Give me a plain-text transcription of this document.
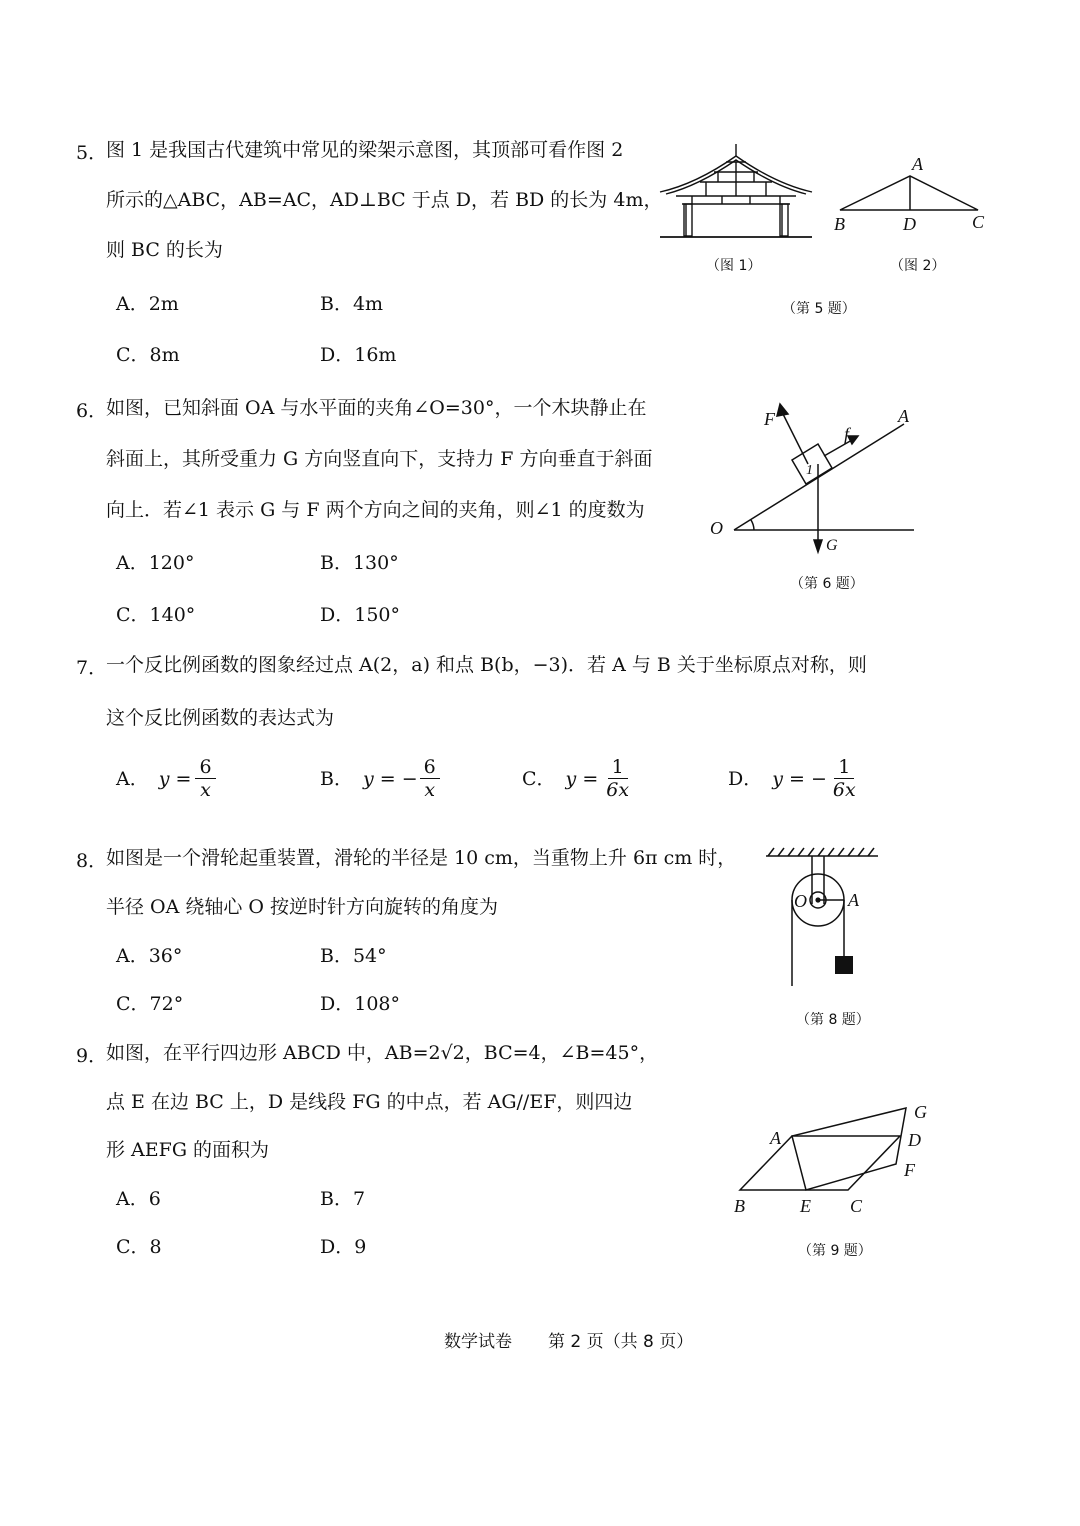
5．
图 1 是我国古代建筑中常见的梁架示意图，其顶部可看作图 2
所示的△ABC，AB=AC，AD⊥BC 于点 D，若 BD 的长为 4m，
则 BC 的长为
A．2m	B．4m
C．8m	D．16m
（图 1）
A
B	D	C
（图 2）
（第 5 题）
6．
如图，已知斜面 OA 与水平面的夹角∠O=30°，一个木块静止在
斜面上，其所受重力 G 方向竖直向下，支持力 F 方向垂直于斜面
向上．若∠1 表示 G 与 F 两个方向之间的夹角，则∠1 的度数为
A．120°	B．130°
C．140°	D．150°
F
f
A
O
G
1
（第 6 题）
7．
一个反比例函数的图象经过点 A(2，a) 和点 B(b，−3)．若 A 与 B 关于坐标原点对称，则
这个反比例函数的表达式为
A． $y = \frac{6}{x}$	B． y = − $\frac{6}{x}$	C． $y = \frac{1}{6x}$	D． y = − $\frac{1}{6x}$
8．
如图是一个滑轮起重装置，滑轮的半径是 10 cm，当重物上升 6π cm 时，
半径 OA 绕轴心 O 按逆时针方向旋转的角度为
A．36°	B．54°
C．72°	D．108°
O A
（第 8 题）
9．
如图，在平行四边形 ABCD 中，AB=2√2，BC=4，∠B=45°，
点 E 在边 BC 上，D 是线段 FG 的中点，若 AG//EF，则四边
形 AEFG 的面积为
A．6	B．7
C．8	D．9
A
B	E C
D
F
G
（第 9 题）
数学试卷 第 2 页（共 8 页）
